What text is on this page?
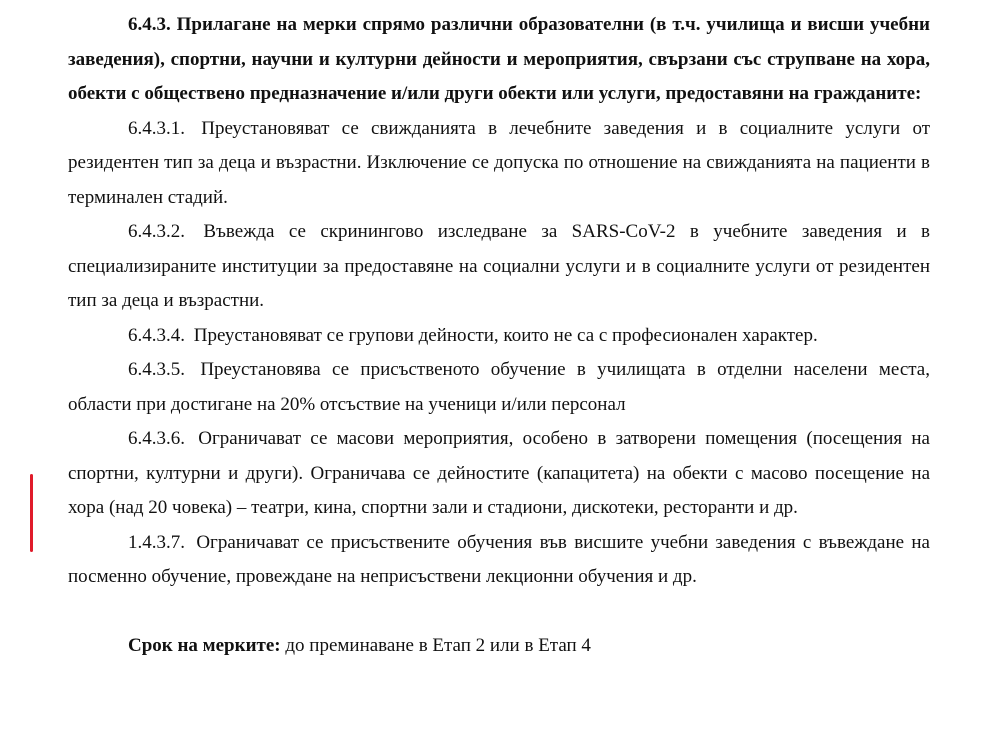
6.4.3. Прилагане на мерки спрямо различни образователни (в т.ч. училища и висши учебни заведения), спортни, научни и културни дейности и мероприятия, свързани със струпване на хора, обекти с обществено предназначение и/или други обекти или услуги, предоставяни на гражданите:

6.4.3.1. Преустановяват се свижданията в лечебните заведения и в социалните услуги от резидентен тип за деца и възрастни. Изключение се допуска по отношение на свижданията на пациенти в терминален стадий.

6.4.3.2. Въвежда се скринингово изследване за SARS-CoV-2 в учебните заведения и в специализираните институции за предоставяне на социални услуги и в социалните услуги от резидентен тип за деца и възрастни.

6.4.3.4. Преустановяват се групови дейности, които не са с професионален характер.

6.4.3.5. Преустановява се присъственото обучение в училищата в отделни населени места, области при достигане на 20% отсъствие на ученици и/или персонал

6.4.3.6. Ограничават се масови мероприятия, особено в затворени помещения (посещения на спортни, културни и други). Ограничава се дейностите (капацитета) на обекти с масово посещение на хора (над 20 човека) – театри, кина, спортни зали и стадиони, дискотеки, ресторанти и др.

1.4.3.7. Ограничават се присъствените обучения във висшите учебни заведения с въвеждане на посменно обучение, провеждане на неприсъствени лекционни обучения и др.

Срок на мерките: до преминаване в Етап 2 или в Етап 4
